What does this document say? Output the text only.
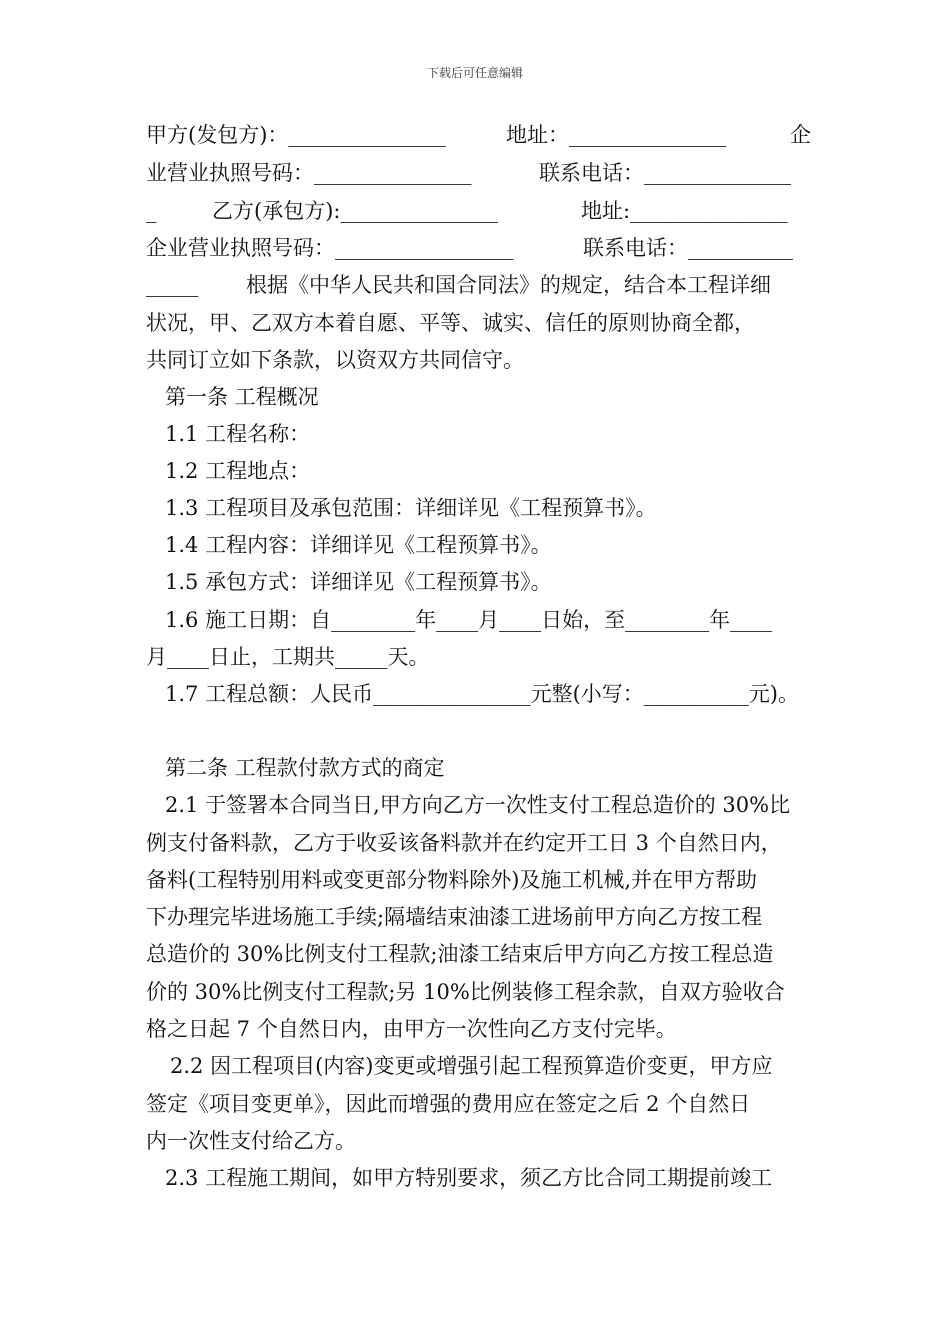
下载后可任意编辑
甲方(发包方)：_______________	地址：_______________	企
业营业执照号码：_______________	联系电话：______________
_	乙方(承包方):_______________	地址:_______________
企业营业执照号码：_________________	联系电话：__________
_____ 根据《中华人民共和国合同法》的规定，结合本工程详细
状况，甲、乙双方本着自愿、平等、诚实、信任的原则协商全都，
共同订立如下条款，以资双方共同信守。
第一条 工程概况
1.1 工程名称：
1.2 工程地点：
1.3 工程项目及承包范围：详细详见《工程预算书》。
1.4 工程内容：详细详见《工程预算书》。
1.5 承包方式：详细详见《工程预算书》。
1.6 施工日期：自________年____月____日始，至________年____
月____日止，工期共_____天。
1.7 工程总额：人民币_______________元整(小写：__________元)。
第二条 工程款付款方式的商定
2.1 于签署本合同当日,甲方向乙方一次性支付工程总造价的 30%比
例支付备料款，乙方于收妥该备料款并在约定开工日 3 个自然日内，
备料(工程特别用料或变更部分物料除外)及施工机械,并在甲方帮助
下办理完毕进场施工手续;隔墙结束油漆工进场前甲方向乙方按工程
总造价的 30%比例支付工程款;油漆工结束后甲方向乙方按工程总造
价的 30%比例支付工程款;另 10%比例装修工程余款，自双方验收合
格之日起 7 个自然日内，由甲方一次性向乙方支付完毕。
2.2 因工程项目(内容)变更或增强引起工程预算造价变更，甲方应
签定《项目变更单》，因此而增强的费用应在签定之后 2 个自然日
内一次性支付给乙方。
2.3 工程施工期间，如甲方特别要求，须乙方比合同工期提前竣工
